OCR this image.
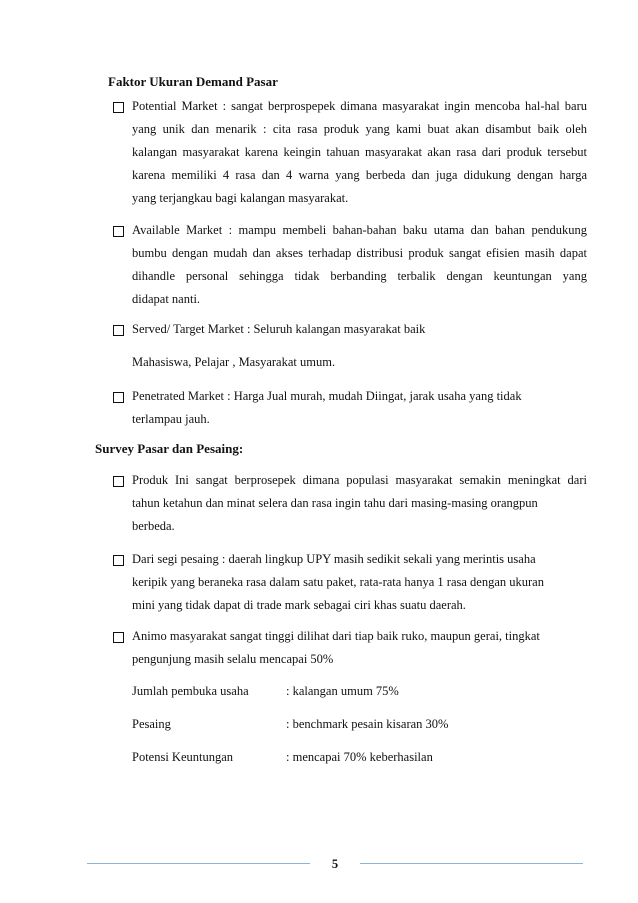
Faktor Ukuran Demand Pasar
Potential Market : sangat berprospepek dimana masyarakat ingin mencoba hal-hal baru
yang unik dan menarik : cita rasa produk yang kami buat akan disambut baik oleh
kalangan masyarakat karena keingin tahuan masyarakat akan rasa dari produk tersebut
karena memiliki 4 rasa dan 4 warna yang berbeda dan juga didukung dengan harga
yang terjangkau bagi kalangan masyarakat.
Available Market : mampu membeli bahan-bahan baku utama dan bahan pendukung
bumbu dengan mudah dan akses terhadap distribusi produk sangat efisien masih dapat
dihandle personal sehingga tidak berbanding terbalik dengan keuntungan yang
didapat nanti.
Served/ Target Market : Seluruh kalangan masyarakat baik
Mahasiswa, Pelajar , Masyarakat umum.
Penetrated Market : Harga Jual murah, mudah Diingat, jarak usaha yang tidak
terlampau jauh.
Survey Pasar dan Pesaing:
Produk Ini sangat berprosepek dimana populasi masyarakat semakin meningkat dari
tahun ketahun dan minat selera dan rasa ingin tahu dari masing-masing orangpun
berbeda.
Dari segi pesaing : daerah lingkup UPY masih sedikit sekali yang merintis usaha
keripik yang beraneka rasa dalam satu paket, rata-rata hanya 1 rasa dengan ukuran
mini yang tidak dapat di trade mark sebagai ciri khas suatu daerah.
Animo masyarakat sangat tinggi dilihat dari tiap baik ruko, maupun gerai, tingkat
pengunjung masih selalu mencapai 50%
Jumlah pembuka usaha	: kalangan umum 75%
Pesaing	: benchmark pesain kisaran 30%
Potensi Keuntungan	: mencapai 70% keberhasilan
5
